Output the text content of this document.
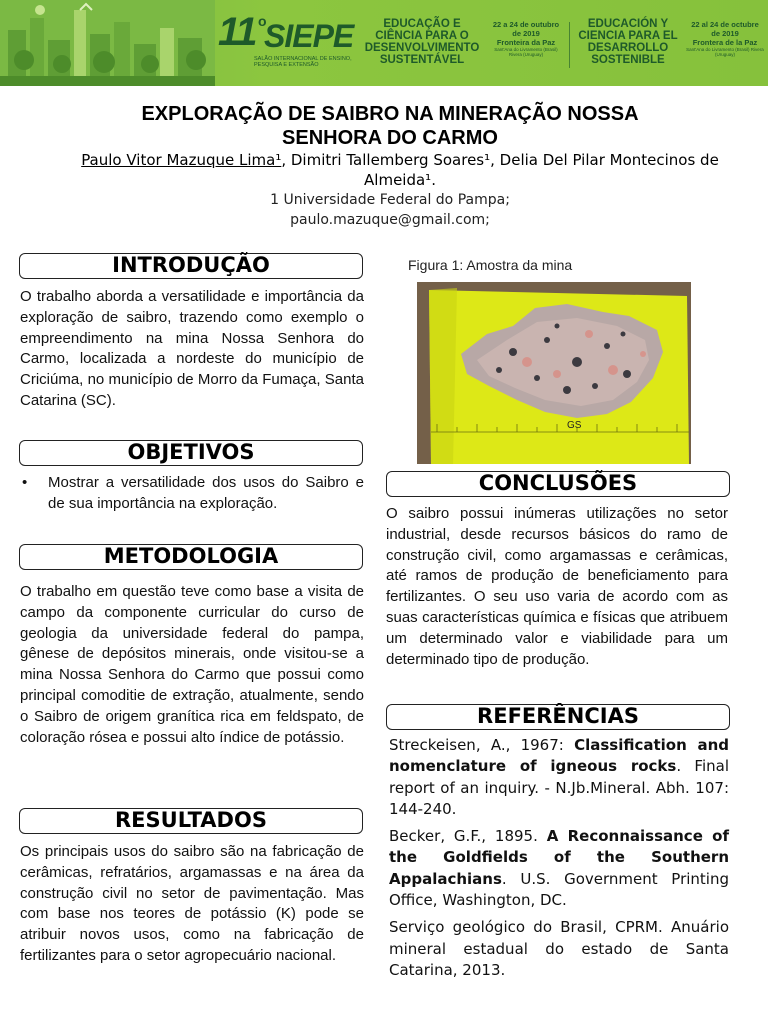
11 o
SIEPE
SALÃO INTERNACIONAL DE ENSINO, PESQUISA E EXTENSÃO
EDUCAÇÃO E CIÊNCIA PARA O DESENVOLVIMENTO SUSTENTÁVEL
22 a 24 de outubro de 2019
Fronteira da Paz
Sant'Ana do Livramento (Brasil) Rivera (Uruguay)
EDUCACIÓN Y CIENCIA PARA EL DESARROLLO SOSTENIBLE
22 al 24 de octubre de 2019
Frontera de la Paz
Sant'Ana do Livramento (Brasil) Rivera (Uruguay)
EXPLORAÇÃO DE SAIBRO NA MINERAÇÃO NOSSA SENHORA DO CARMO
Paulo Vitor Mazuque Lima¹, Dimitri Tallemberg Soares¹, Delia Del Pilar Montecinos de Almeida¹.
1 Universidade Federal do Pampa;
paulo.mazuque@gmail.com;
INTRODUÇÃO

O trabalho aborda a versatilidade e importância da exploração de saibro, trazendo como exemplo o empreendimento na mina Nossa Senhora do Carmo, localizada a nordeste do município de Criciúma, no município de Morro da Fumaça, Santa Catarina (SC).

OBJETIVOS
• Mostrar a versatilidade dos usos do Saibro e de sua importância na exploração.
METODOLOGIA

O trabalho em questão teve como base a visita de campo da componente curricular do curso de geologia da universidade federal do pampa, gênese de depósitos minerais, onde visitou-se a mina Nossa Senhora do Carmo que possui como principal comoditie de extração, atualmente, sendo o Saibro de origem granítica rica em feldspato, de coloração rósea e possui alto índice de potássio.

RESULTADOS

Os principais usos do saibro são na fabricação de cerâmicas, refratários, argamassas e na área da construção civil no setor de pavimentação. Mas com base nos teores de potássio (K) pode se atribuir novos usos, como na fabricação de fertilizantes para o setor agropecuário nacional.

Figura 1: Amostra da mina
GS
CONCLUSÕES

O saibro possui inúmeras utilizações no setor industrial, desde recursos básicos do ramo de construção civil, como argamassas e cerâmicas, até ramos de produção de beneficiamento para fertilizantes. O seu uso varia de acordo com as suas características química e físicas que atribuem um determinado valor e viabilidade para um determinado tipo de produção.

REFERÊNCIAS

Streckeisen, A., 1967: Classification and nomenclature of igneous rocks. Final report of an inquiry. - N.Jb.Mineral. Abh. 107: 144-240.

Becker, G.F., 1895. A Reconnaissance of the Goldfields of the Southern Appalachians. U.S. Government Printing Office, Washington, DC.

Serviço geológico do Brasil, CPRM. Anuário mineral estadual do estado de Santa Catarina, 2013.
